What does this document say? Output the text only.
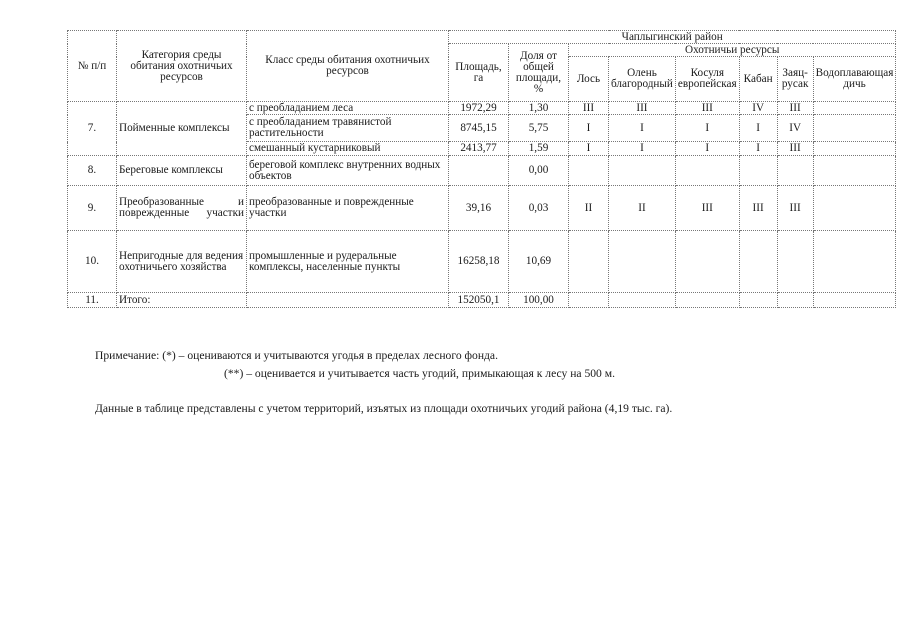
№ п/п	Категория среды обитания охотничьих ресурсов	Класс среды обитания охотничьих ресурсов	Чаплыгинский район							
			Площадь, га	Доля от общей площади, %	Охотничьи ресурсы					
					Лось	Олень благородный	Косуля европейская	Кабан	Заяц-русак	Водоплавающая дичь
7.	Пойменные комплексы	с преобладанием леса	1972,29	1,30	III	III	III	IV	III	
		с преобладанием травянистой растительности	8745,15	5,75	I	I	I	I	IV	
		смешанный кустарниковый	2413,77	1,59	I	I	I	I	III	
8.	Береговые комплексы	береговой комплекс внутренних водных объектов		0,00						
9.	Преобразованные и поврежденные участки	преобразованные и поврежденные участки	39,16	0,03	II	II	III	III	III	
10.	Непригодные для ведения охотничьего хозяйства	промышленные и рудеральные комплексы, населенные пункты	16258,18	10,69						
11.	Итого:		152050,1	100,00						
Примечание: (*) – оцениваются и учитываются угодья в пределах лесного фонда.
(**) – оценивается и учитывается часть угодий, примыкающая к лесу на 500 м.
Данные в таблице представлены с учетом территорий, изъятых из площади охотничьих угодий района (4,19 тыс. га).
